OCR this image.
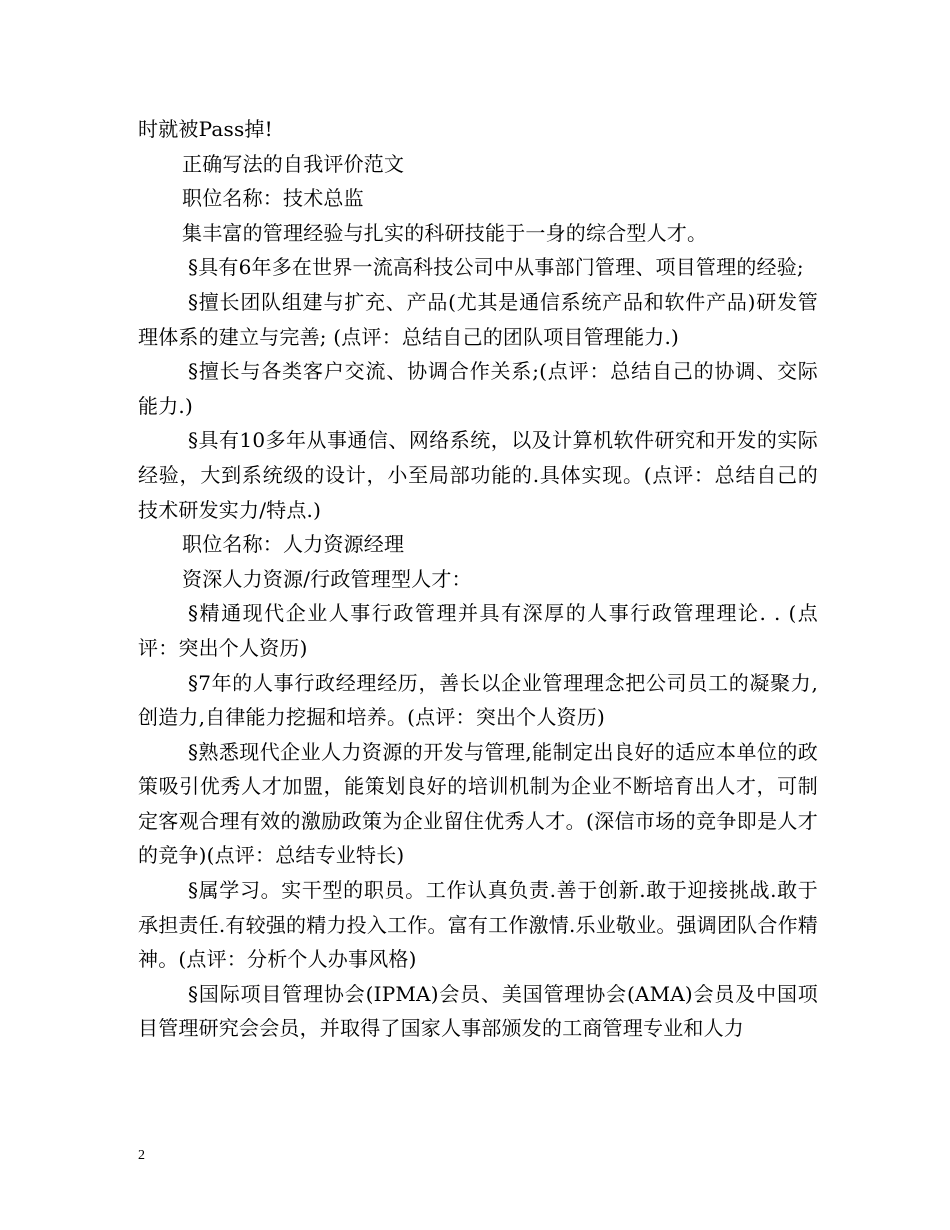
时就被Pass掉!

正确写法的自我评价范文

职位名称：技术总监

集丰富的管理经验与扎实的科研技能于一身的综合型人才。

§具有6年多在世界一流高科技公司中从事部门管理、项目管理的经验;

§擅长团队组建与扩充、产品(尤其是通信系统产品和软件产品)研发管理体系的建立与完善; (点评：总结自己的团队项目管理能力.)

§擅长与各类客户交流、协调合作关系;(点评：总结自己的协调、交际能力.)

§具有10多年从事通信、网络系统，以及计算机软件研究和开发的实际经验，大到系统级的设计，小至局部功能的.具体实现。(点评：总结自己的技术研发实力/特点.)

职位名称：人力资源经理

资深人力资源/行政管理型人才：

§精通现代企业人事行政管理并具有深厚的人事行政管理理论. . (点评：突出个人资历)

§7年的人事行政经理经历，善长以企业管理理念把公司员工的凝聚力,创造力,自律能力挖掘和培养。(点评：突出个人资历)

§熟悉现代企业人力资源的开发与管理,能制定出良好的适应本单位的政策吸引优秀人才加盟，能策划良好的培训机制为企业不断培育出人才，可制定客观合理有效的激励政策为企业留住优秀人才。(深信市场的竞争即是人才的竞争)(点评：总结专业特长)

§属学习。实干型的职员。工作认真负责.善于创新.敢于迎接挑战.敢于承担责任.有较强的精力投入工作。富有工作激情.乐业敬业。强调团队合作精神。(点评：分析个人办事风格)

§国际项目管理协会(IPMA)会员、美国管理协会(AMA)会员及中国项目管理研究会会员，并取得了国家人事部颁发的工商管理专业和人力

2
